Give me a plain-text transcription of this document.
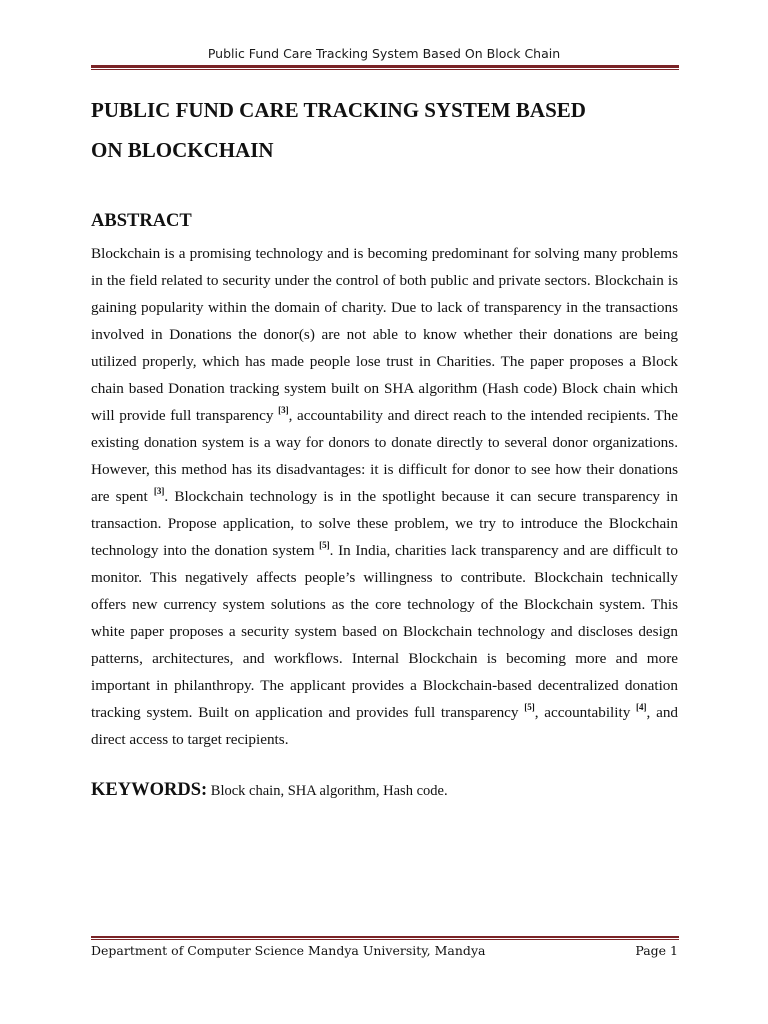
Public Fund Care Tracking System Based On Block Chain
PUBLIC FUND CARE TRACKING SYSTEM BASED
ON BLOCKCHAIN
ABSTRACT

Blockchain is a promising technology and is becoming predominant for solving many problems in the field related to security under the control of both public and private sectors. Blockchain is gaining popularity within the domain of charity. Due to lack of transparency in the transactions involved in Donations the donor(s) are not able to know whether their donations are being utilized properly, which has made people lose trust in Charities. The paper proposes a Block chain based Donation tracking system built on SHA algorithm (Hash code) Block chain which will provide full transparency [3], accountability and direct reach to the intended recipients. The existing donation system is a way for donors to donate directly to several donor organizations. However, this method has its disadvantages: it is difficult for donor to see how their donations are spent [3]. Blockchain technology is in the spotlight because it can secure transparency in transaction. Propose application, to solve these problem, we try to introduce the Blockchain technology into the donation system [5]. In India, charities lack transparency and are difficult to monitor. This negatively affects people’s willingness to contribute. Blockchain technically offers new currency system solutions as the core technology of the Blockchain system. This white paper proposes a security system based on Blockchain technology and discloses design patterns, architectures, and workflows. Internal Blockchain is becoming more and more important in philanthropy. The applicant provides a Blockchain-based decentralized donation tracking system. Built on application and provides full transparency [5], accountability [4], and direct access to target recipients.

KEYWORDS: Block chain, SHA algorithm, Hash code.

Department of Computer Science Mandya University, Mandya	Page 1
